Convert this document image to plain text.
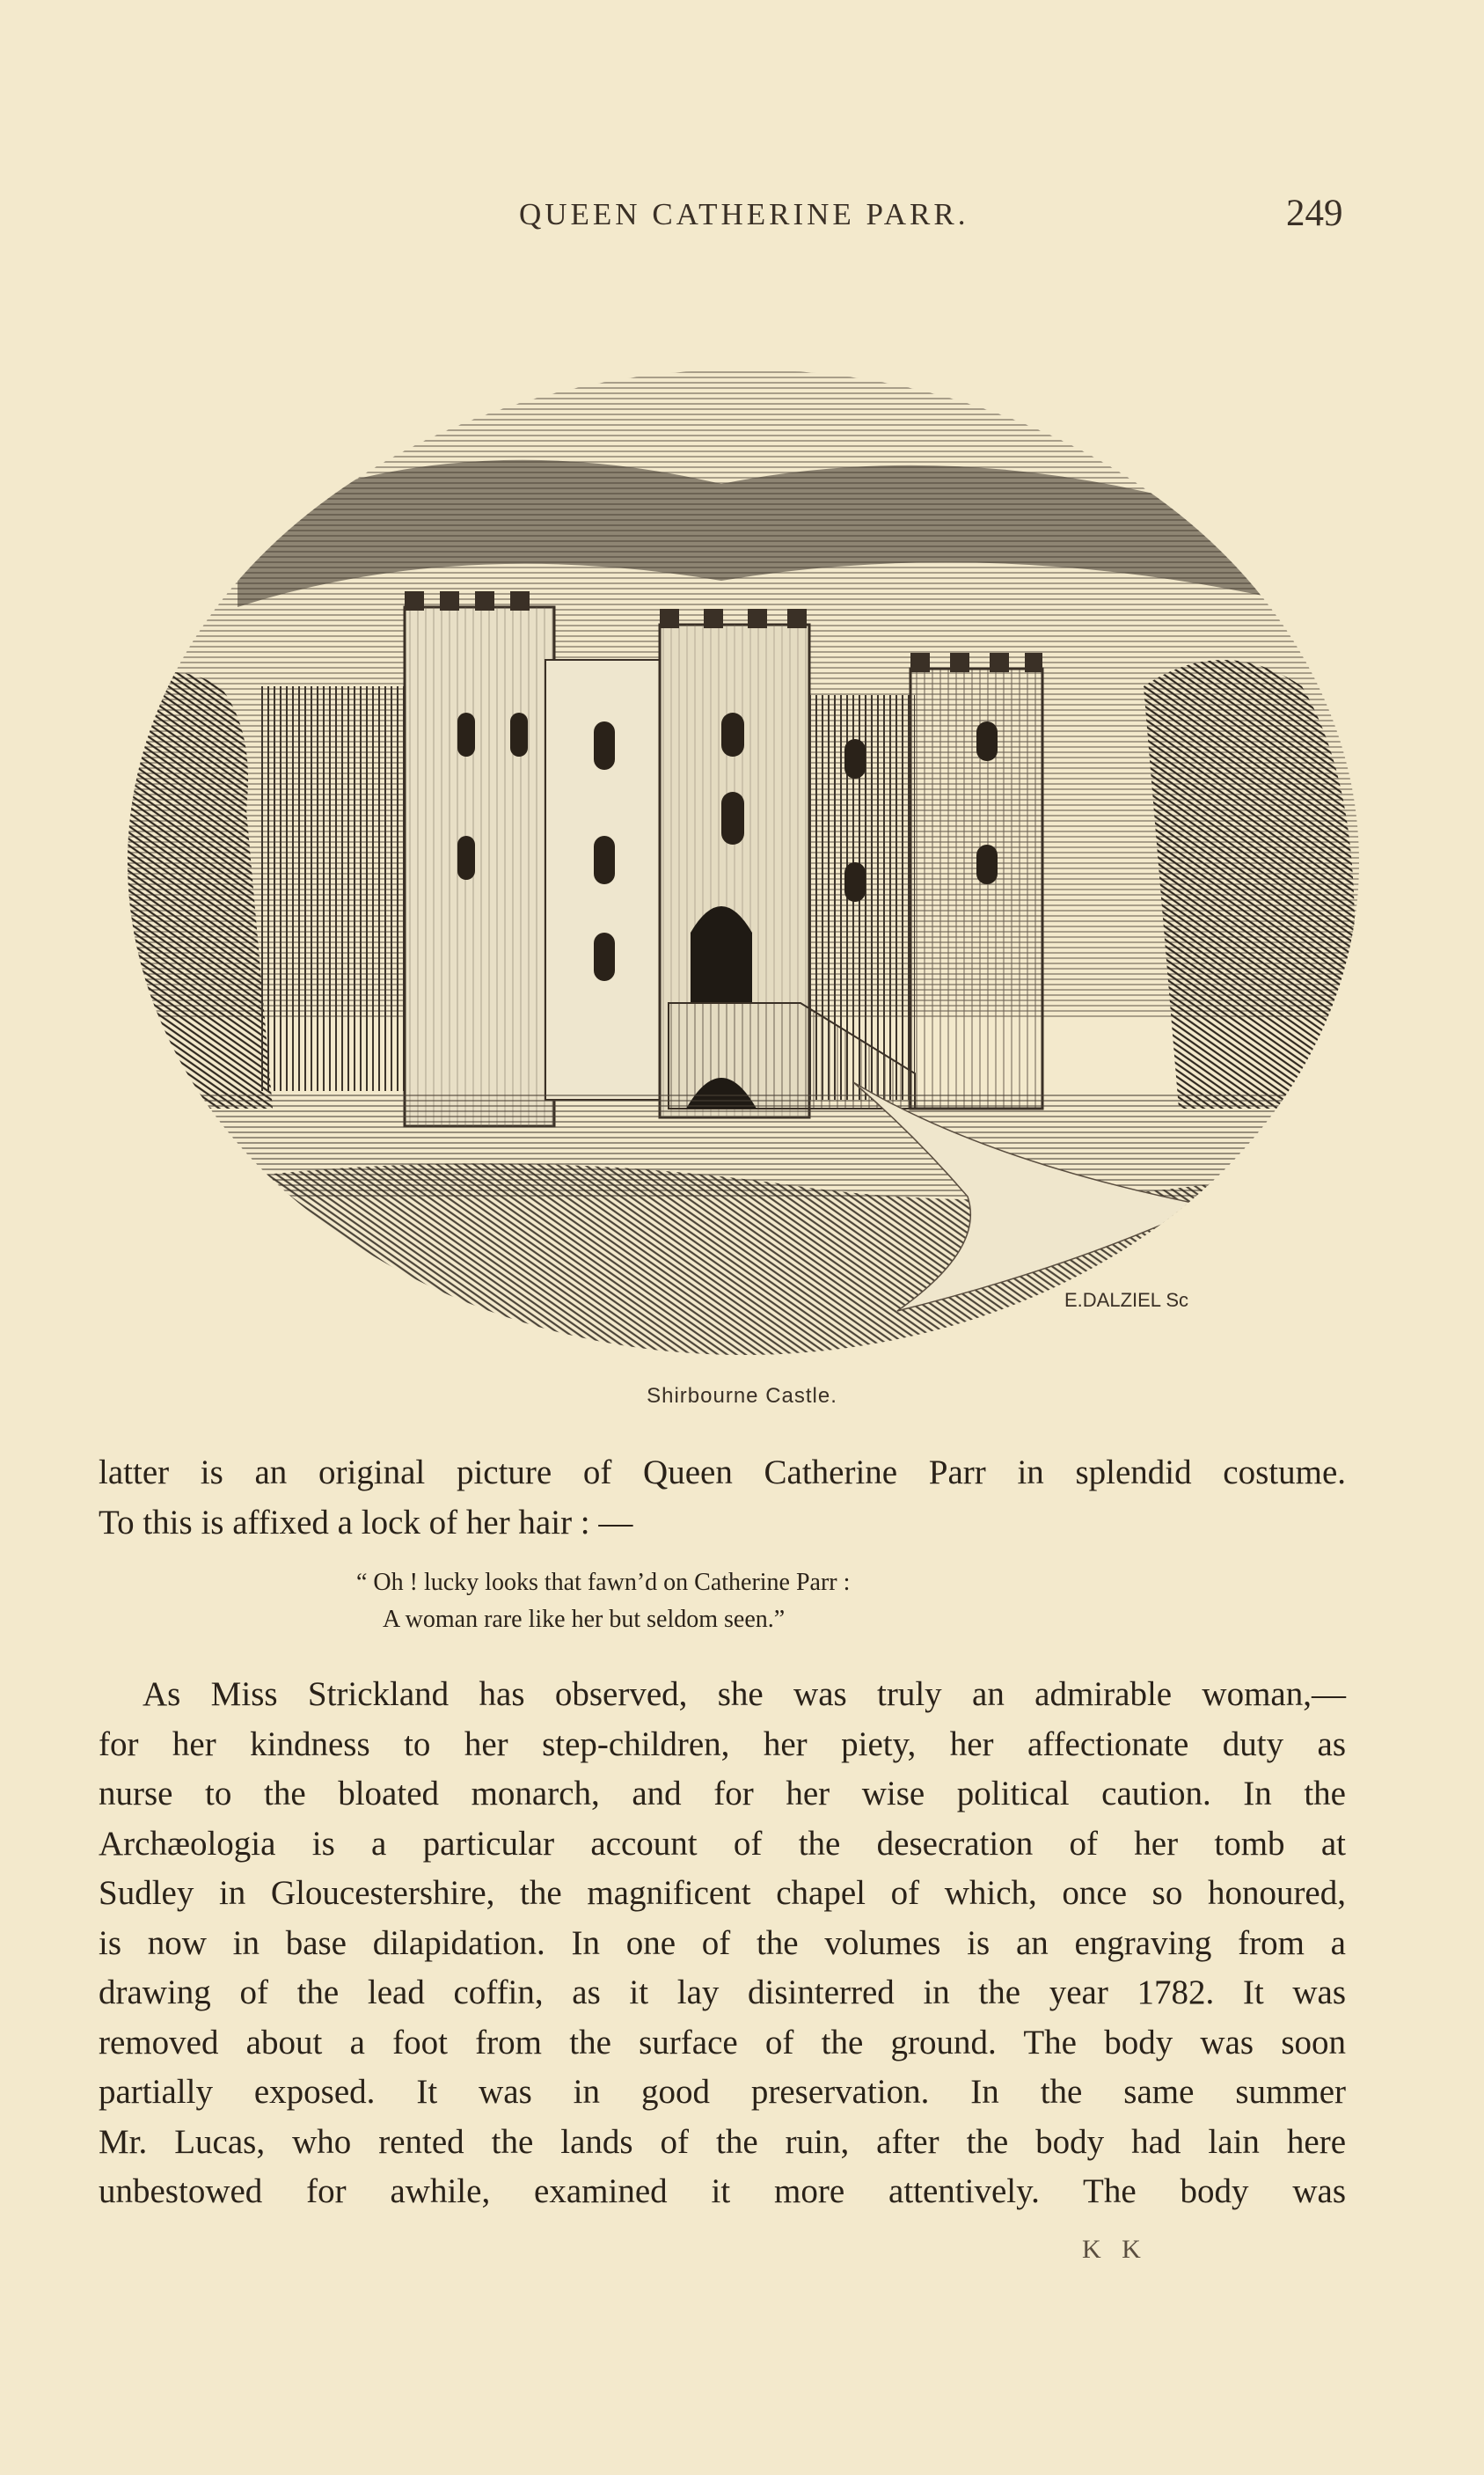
QUEEN CATHERINE PARR.	249
E.DALZIEL Sc
Shirbourne Castle.
latter is an original picture of Queen Catherine Parr in splendid costume.
To this is affixed a lock of her hair : —
“ Oh ! lucky looks that fawn’d on Catherine Parr :
A woman rare like her but seldom seen.”
As Miss Strickland has observed, she was truly an admirable woman,—
for her kindness to her step-children, her piety, her affectionate duty as
nurse to the bloated monarch, and for her wise political caution. In the
Archæologia is a particular account of the desecration of her tomb at
Sudley in Gloucestershire, the magnificent chapel of which, once so honoured,
is now in base dilapidation. In one of the volumes is an engraving from a
drawing of the lead coffin, as it lay disinterred in the year 1782. It was
removed about a foot from the surface of the ground. The body was soon
partially exposed. It was in good preservation. In the same summer
Mr. Lucas, who rented the lands of the ruin, after the body had lain here
unbestowed for awhile, examined it more attentively. The body was
K K
